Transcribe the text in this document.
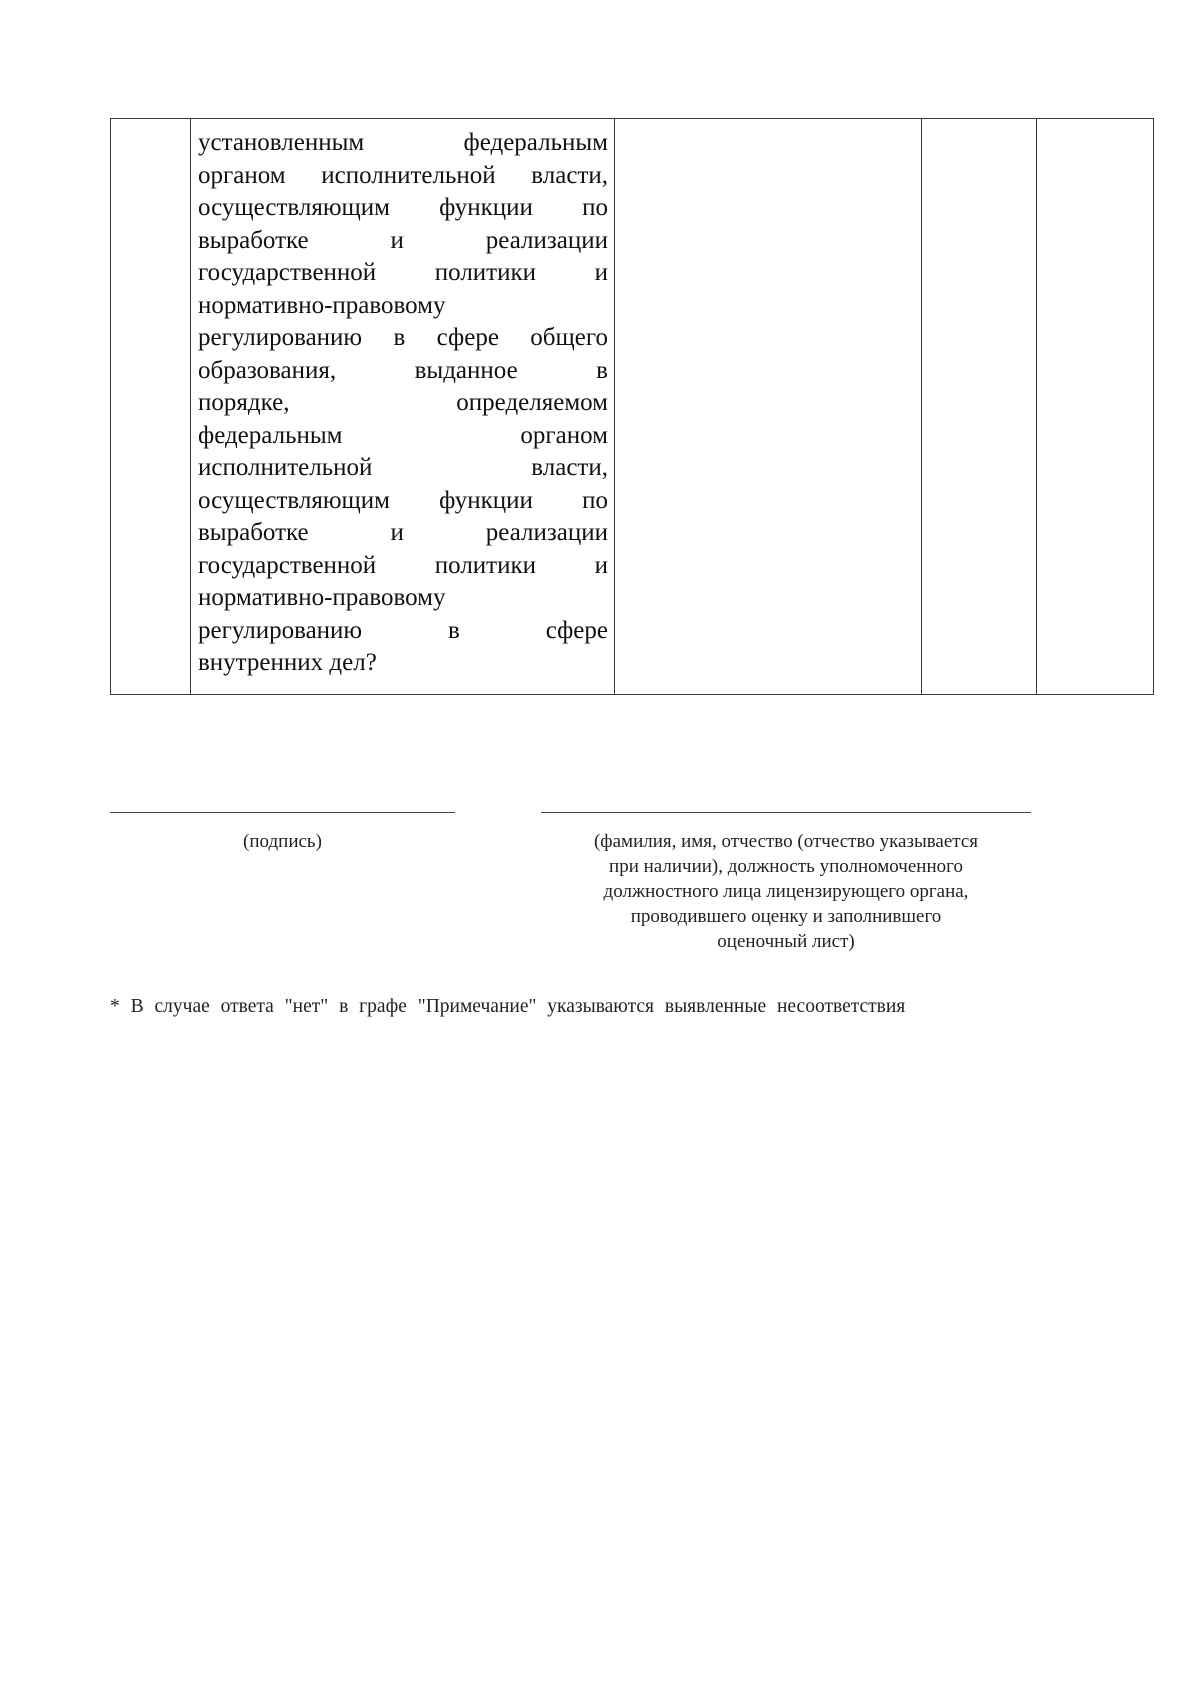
установленным федеральным
органом исполнительной власти,
осуществляющим функции по
выработке и реализации
государственной политики и
нормативно-правовому
регулированию в сфере общего
образования, выданное в
порядке, определяемом
федеральным органом
исполнительной власти,
осуществляющим функции по
выработке и реализации
государственной политики и
нормативно-правовому
регулированию в сфере
внутренних дел?

(подпись)	(фамилия, имя, отчество (отчество указывается
при наличии), должность уполномоченного
должностного лица лицензирующего органа,
проводившего оценку и заполнившего
оценочный лист)
* В случае ответа "нет" в графе "Примечание" указываются выявленные несоответствия
